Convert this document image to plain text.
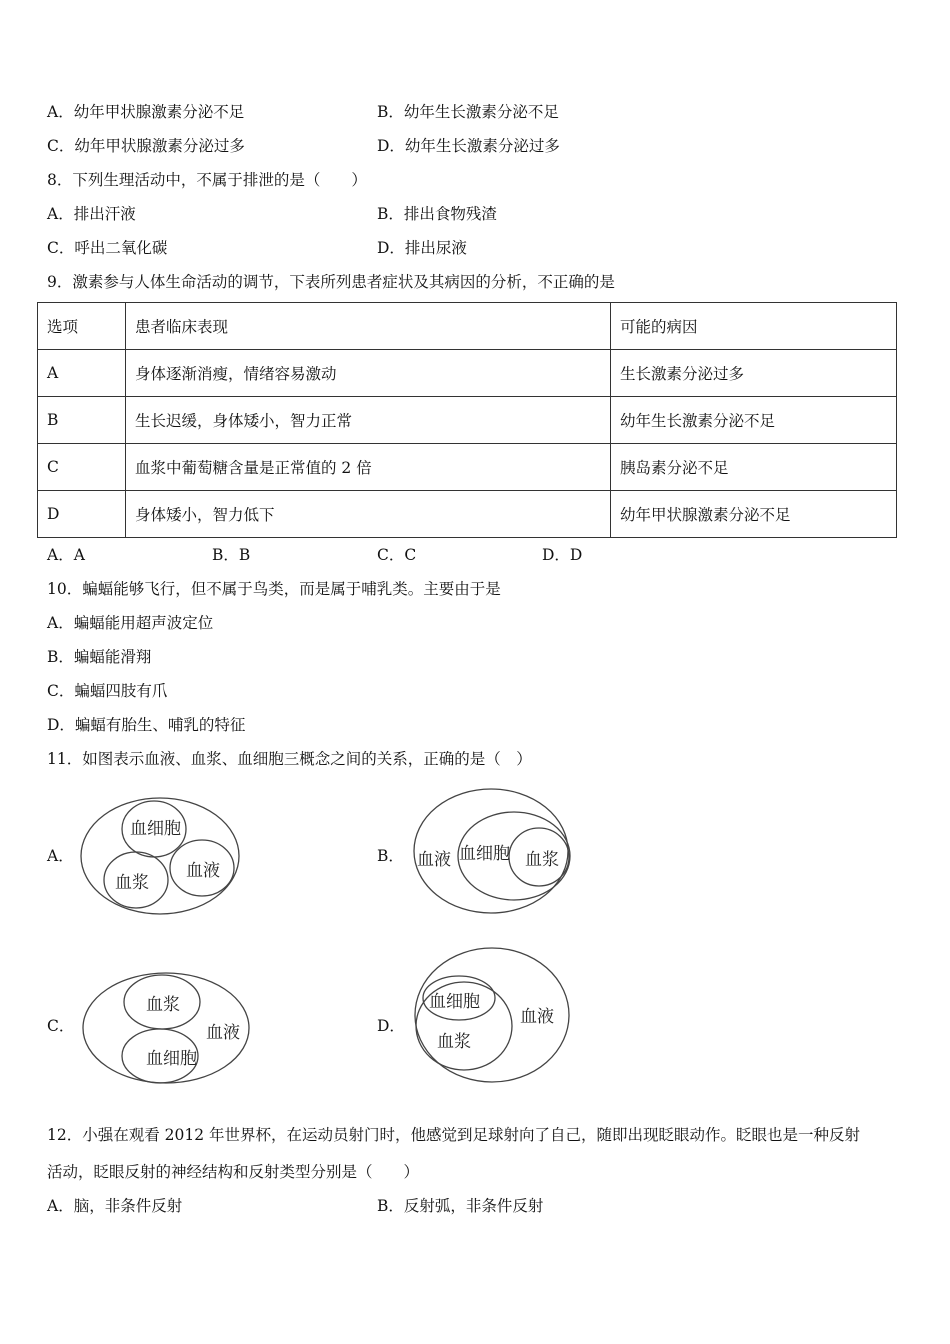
A．幼年甲状腺激素分泌不足	B．幼年生长激素分泌不足
C．幼年甲状腺激素分泌过多	D．幼年生长激素分泌过多
8．下列生理活动中，不属于排泄的是（　　）
A．排出汗液	B．排出食物残渣
C．呼出二氧化碳	D．排出尿液
9．激素参与人体生命活动的调节，下表所列患者症状及其病因的分析，不正确的是
选项	患者临床表现	可能的病因
A	身体逐渐消瘦，情绪容易激动	生长激素分泌过多
B	生长迟缓，身体矮小，智力正常	幼年生长激素分泌不足
C	血浆中葡萄糖含量是正常值的 2 倍	胰岛素分泌不足
D	身体矮小，智力低下	幼年甲状腺激素分泌不足
A．A	B．B	C．C	D．D
10．蝙蝠能够飞行，但不属于鸟类，而是属于哺乳类。主要由于是
A．蝙蝠能用超声波定位
B．蝙蝠能滑翔
C．蝙蝠四肢有爪
D．蝙蝠有胎生、哺乳的特征
11．如图表示血液、血浆、血细胞三概念之间的关系，正确的是（　）
A．
血细胞
血浆
血液
B． 血液 血细胞 血浆
C．
血浆
血液
血细胞
D．
血细胞
血浆
血液
12．小强在观看 2012 年世界杯，在运动员射门时，他感觉到足球射向了自己，随即出现眨眼动作。眨眼也是一种反射
活动，眨眼反射的神经结构和反射类型分别是（　　）
A．脑，非条件反射	B．反射弧，非条件反射
